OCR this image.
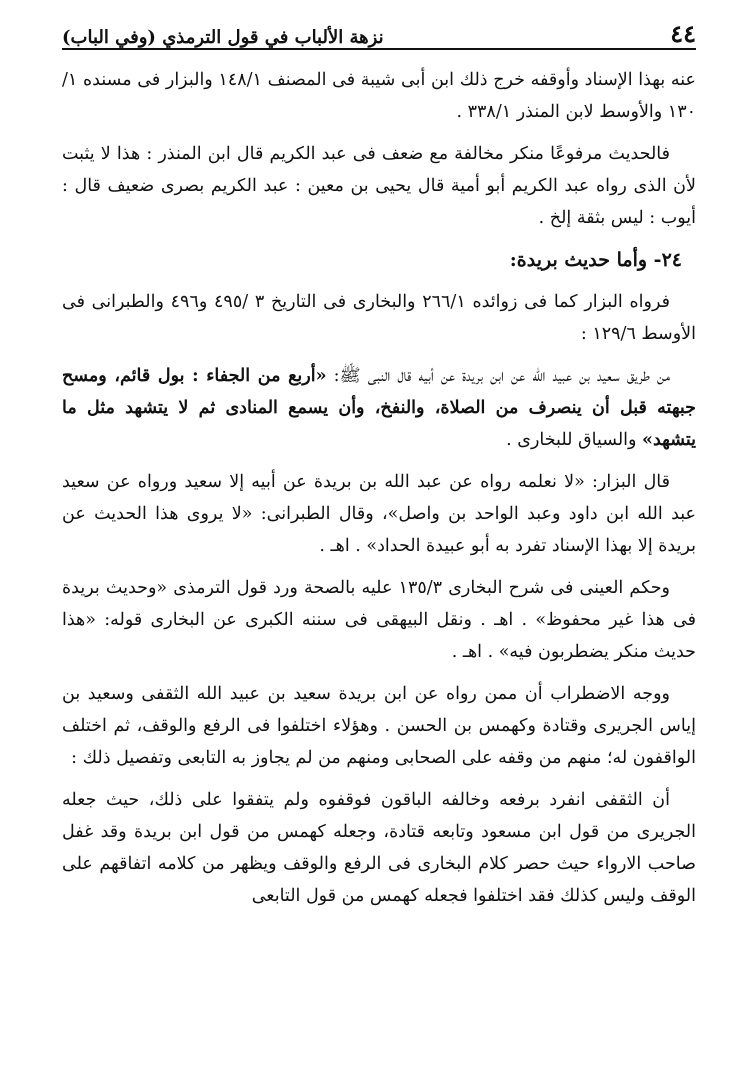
٤٤
نزهة الألباب في قول الترمذي (وفي الباب)

عنه بهذا الإسناد وأوقفه خرج ذلك ابن أبى شيبة فى المصنف ١٤٨/١ والبزار فى مسنده ١/ ١٣٠ والأوسط لابن المنذر ٣٣٨/١ .

فالحديث مرفوعًا منكر مخالفة مع ضعف فى عبد الكريم قال ابن المنذر : هذا لا يثبت لأن الذى رواه عبد الكريم أبو أمية قال يحيى بن معين : عبد الكريم بصرى ضعيف قال : أيوب : ليس بثقة إلخ .

٢٤- وأما حديث بريدة:

فرواه البزار كما فى زوائده ٢٦٦/١ والبخارى فى التاريخ ٣ /٤٩٥ و٤٩٦ والطبرانى فى الأوسط ١٢٩/٦ :

من طريق سعيد بن عبيد الله عن ابن بريدة عن أبيه قال النبى ﷺ: «أربع من الجفاء : بول قائم، ومسح جبهته قبل أن ينصرف من الصلاة، والنفخ، وأن يسمع المنادى ثم لا يتشهد مثل ما يتشهد» والسياق للبخارى .

قال البزار: «لا نعلمه رواه عن عبد الله بن بريدة عن أبيه إلا سعيد ورواه عن سعيد عبد الله ابن داود وعبد الواحد بن واصل»، وقال الطبرانى: «لا يروى هذا الحديث عن بريدة إلا بهذا الإسناد تفرد به أبو عبيدة الحداد» . اهـ .

وحكم العينى فى شرح البخارى ١٣٥/٣ عليه بالصحة ورد قول الترمذى «وحديث بريدة فى هذا غير محفوظ» . اهـ . ونقل البيهقى فى سننه الكبرى عن البخارى قوله: «هذا حديث منكر يضطربون فيه» . اهـ .

ووجه الاضطراب أن ممن رواه عن ابن بريدة سعيد بن عبيد الله الثقفى وسعيد بن إياس الجريرى وقتادة وكهمس بن الحسن . وهؤلاء اختلفوا فى الرفع والوقف، ثم اختلف الواقفون له؛ منهم من وقفه على الصحابى ومنهم من لم يجاوز به التابعى وتفصيل ذلك :

أن الثقفى انفرد برفعه وخالفه الباقون فوقفوه ولم يتفقوا على ذلك، حيث جعله الجريرى من قول ابن مسعود وتابعه قتادة، وجعله كهمس من قول ابن بريدة وقد غفل صاحب الارواء حيث حصر كلام البخارى فى الرفع والوقف ويظهر من كلامه اتفاقهم على الوقف وليس كذلك فقد اختلفوا فجعله كهمس من قول التابعى
